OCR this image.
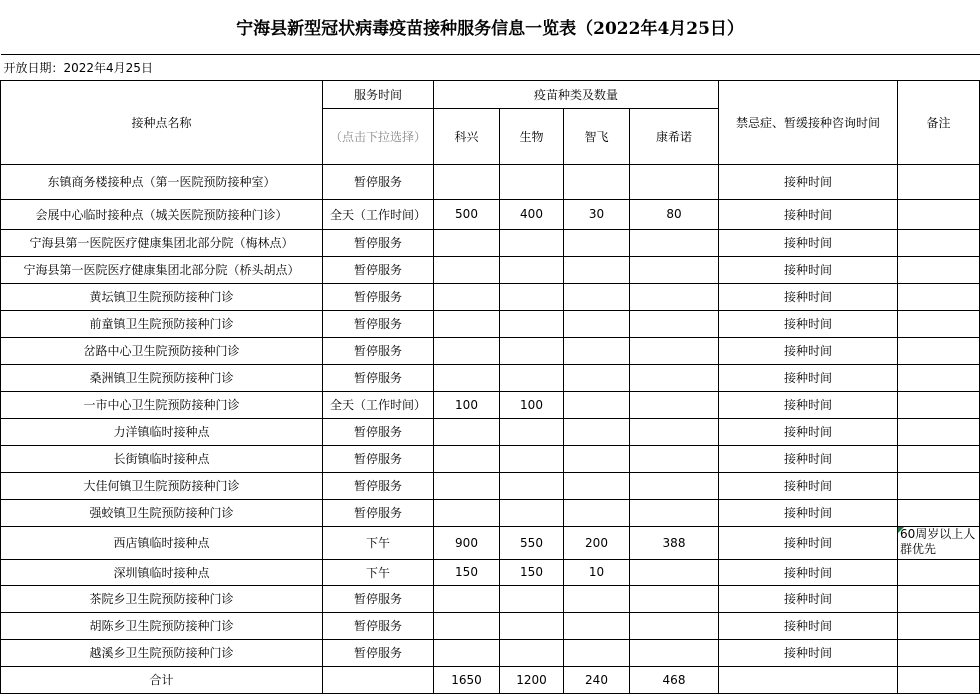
宁海县新型冠状病毒疫苗接种服务信息一览表（2022年4月25日）							
开放日期：2022年4月25日							
接种点名称	服务时间	疫苗种类及数量				禁忌症、暂缓接种咨询时间	备注
	（点击下拉选择）	科兴	生物	智飞	康希诺		
东镇商务楼接种点（第一医院预防接种室）	暂停服务					接种时间	
会展中心临时接种点（城关医院预防接种门诊）	全天（工作时间）	500	400	30	80	接种时间	
宁海县第一医院医疗健康集团北部分院（梅林点）	暂停服务					接种时间	
宁海县第一医院医疗健康集团北部分院（桥头胡点）	暂停服务					接种时间	
黄坛镇卫生院预防接种门诊	暂停服务					接种时间	
前童镇卫生院预防接种门诊	暂停服务					接种时间	
岔路中心卫生院预防接种门诊	暂停服务					接种时间	
桑洲镇卫生院预防接种门诊	暂停服务					接种时间	
一市中心卫生院预防接种门诊	全天（工作时间）	100	100			接种时间	
力洋镇临时接种点	暂停服务					接种时间	
长街镇临时接种点	暂停服务					接种时间	
大佳何镇卫生院预防接种门诊	暂停服务					接种时间	
强蛟镇卫生院预防接种门诊	暂停服务					接种时间	
西店镇临时接种点	下午	900	550	200	388	接种时间	60周岁以上人群优先
深圳镇临时接种点	下午	150	150	10		接种时间	
茶院乡卫生院预防接种门诊	暂停服务					接种时间	
胡陈乡卫生院预防接种门诊	暂停服务					接种时间	
越溪乡卫生院预防接种门诊	暂停服务					接种时间	
合计		1650	1200	240	468		
